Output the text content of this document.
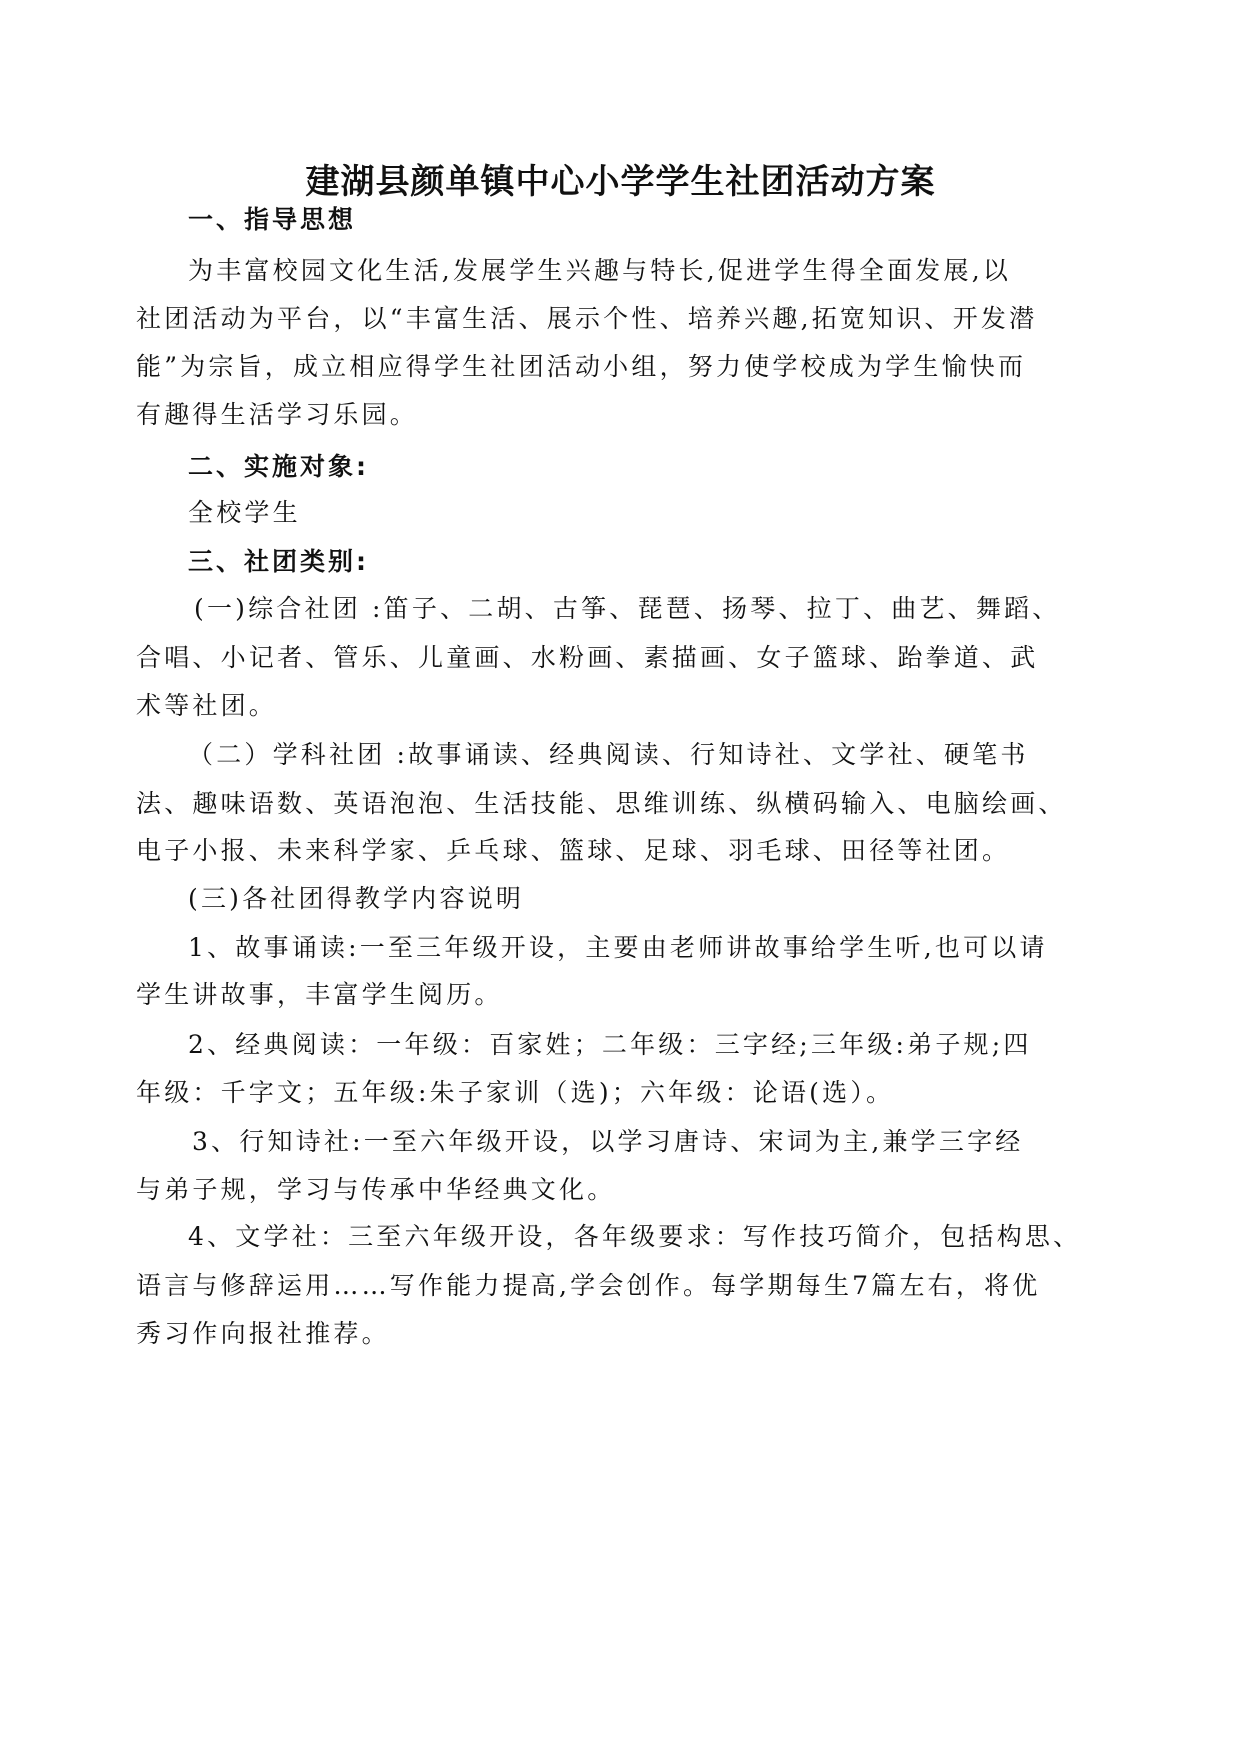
建湖县颜单镇中心小学学生社团活动方案
一、指导思想
为丰富校园文化生活,发展学生兴趣与特长,促进学生得全面发展,以
社团活动为平台，以“丰富生活、展示个性、培养兴趣,拓宽知识、开发潜
能”为宗旨，成立相应得学生社团活动小组，努力使学校成为学生愉快而
有趣得生活学习乐园。
二、实施对象:
全校学生
三、社团类别:
(一)综合社团 :笛子、二胡、古筝、琵琶、扬琴、拉丁、曲艺、舞蹈、
合唱、小记者、管乐、儿童画、水粉画、素描画、女子篮球、跆拳道、武
术等社团。
（二）学科社团 :故事诵读、经典阅读、行知诗社、文学社、硬笔书
法、趣味语数、英语泡泡、生活技能、思维训练、纵横码输入、电脑绘画、
电子小报、未来科学家、乒乓球、篮球、足球、羽毛球、田径等社团。
(三)各社团得教学内容说明
1、故事诵读:一至三年级开设，主要由老师讲故事给学生听,也可以请
学生讲故事，丰富学生阅历。
2、经典阅读：一年级：百家姓；二年级：三字经;三年级:弟子规;四
年级：千字文；五年级:朱子家训（选)；六年级：论语(选）。
3、行知诗社:一至六年级开设，以学习唐诗、宋词为主,兼学三字经
与弟子规，学习与传承中华经典文化。
4、文学社：三至六年级开设，各年级要求：写作技巧简介，包括构思、
语言与修辞运用……写作能力提高,学会创作。每学期每生7篇左右，将优
秀习作向报社推荐。
